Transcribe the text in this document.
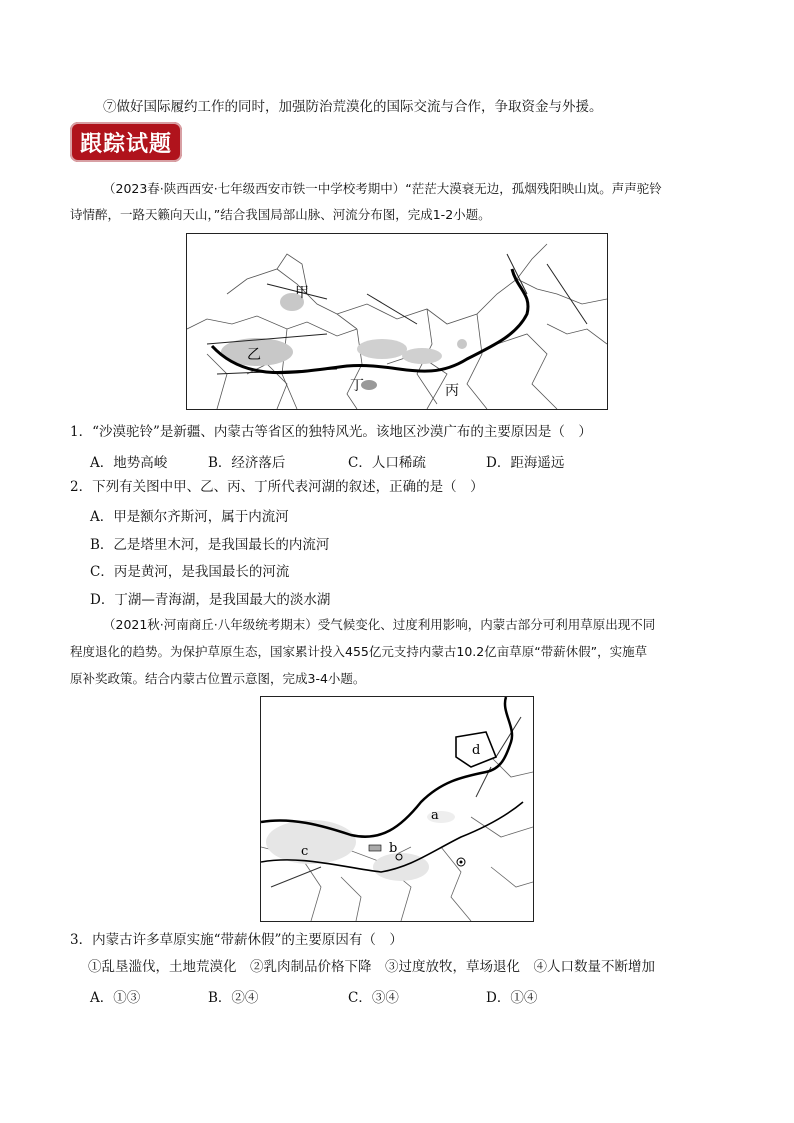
⑦做好国际履约工作的同时，加强防治荒漠化的国际交流与合作，争取资金与外援。
跟踪试题
（2023春·陕西西安·七年级西安市铁一中学校考期中）“茫茫大漠衰无边，孤烟残阳映山岚。声声驼铃
诗情醉，一路天籁向天山，”结合我国局部山脉、河流分布图，完成1-2小题。
甲
乙
丁	丙
1．“沙漠驼铃”是新疆、内蒙古等省区的独特风光。该地区沙漠广布的主要原因是（　）
A．地势高峻	B．经济落后	C．人口稀疏	D．距海遥远
2．下列有关图中甲、乙、丙、丁所代表河湖的叙述，正确的是（　）
A．甲是额尔齐斯河，属于内流河
B．乙是塔里木河，是我国最长的内流河
C．丙是黄河，是我国最长的河流
D．丁湖—青海湖，是我国最大的淡水湖
（2021秋·河南商丘·八年级统考期末）受气候变化、过度利用影响，内蒙古部分可利用草原出现不同
程度退化的趋势。为保护草原生态，国家累计投入455亿元支持内蒙古10.2亿亩草原“带薪休假”，实施草
原补奖政策。结合内蒙古位置示意图，完成3-4小题。
a
b
c
d
3．内蒙古许多草原实施“带薪休假”的主要原因有（　）
①乱垦滥伐，土地荒漠化　②乳肉制品价格下降　③过度放牧，草场退化　④人口数量不断增加
A．①③	B．②④	C．③④	D．①④
